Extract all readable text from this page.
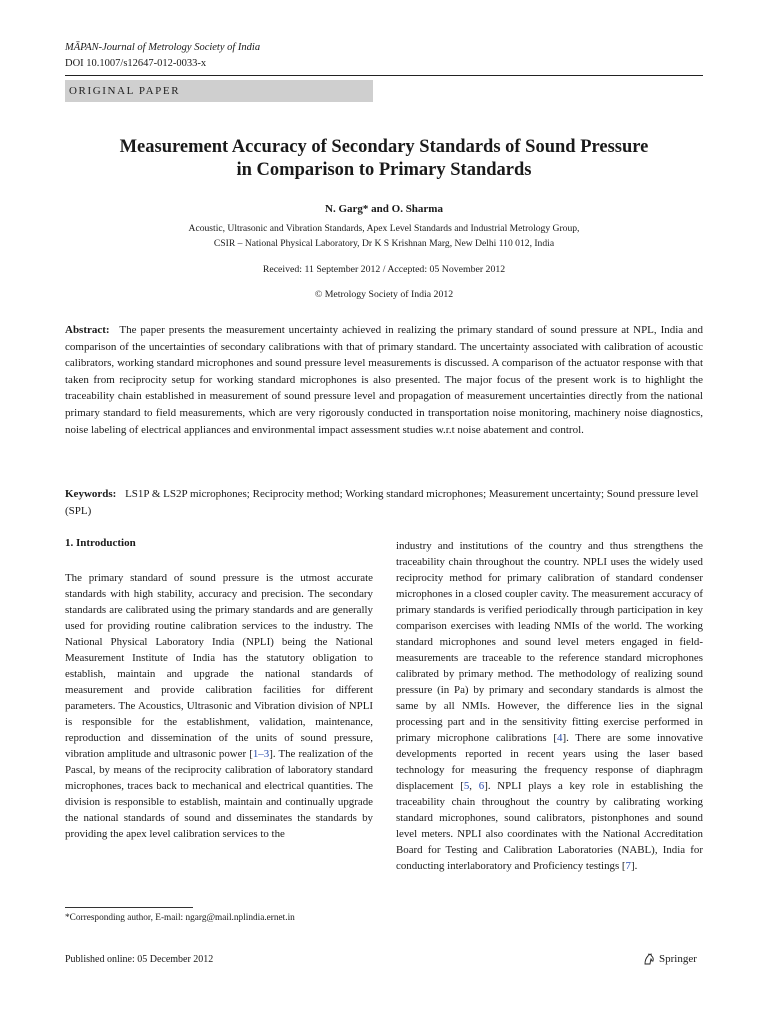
MĀPAN-Journal of Metrology Society of India
DOI 10.1007/s12647-012-0033-x
ORIGINAL PAPER
Measurement Accuracy of Secondary Standards of Sound Pressure
in Comparison to Primary Standards
N. Garg* and O. Sharma
Acoustic, Ultrasonic and Vibration Standards, Apex Level Standards and Industrial Metrology Group,
CSIR – National Physical Laboratory, Dr K S Krishnan Marg, New Delhi 110 012, India
Received: 11 September 2012 / Accepted: 05 November 2012
© Metrology Society of India 2012
Abstract: The paper presents the measurement uncertainty achieved in realizing the primary standard of sound pressure at NPL, India and comparison of the uncertainties of secondary calibrations with that of primary standard. The uncertainty associated with calibration of acoustic calibrators, working standard microphones and sound pressure level measurements is discussed. A comparison of the actuator response with that taken from reciprocity setup for working standard microphones is also presented. The major focus of the present work is to highlight the traceability chain established in measurement of sound pressure level and propagation of measurement uncertainties directly from the national primary standard to field measurements, which are very rigorously conducted in transportation noise monitoring, machinery noise diagnostics, noise labeling of electrical appliances and environmental impact assessment studies w.r.t noise abatement and control.
Keywords: LS1P & LS2P microphones; Reciprocity method; Working standard microphones; Measurement uncertainty; Sound pressure level (SPL)
1. Introduction
The primary standard of sound pressure is the utmost accurate standards with high stability, accuracy and precision. The secondary standards are calibrated using the primary standards and are generally used for providing routine calibration services to the industry. The National Physical Laboratory India (NPLI) being the National Measurement Institute of India has the statutory obligation to establish, maintain and upgrade the national standards of measurement and provide calibration facilities for different parameters. The Acoustics, Ultrasonic and Vibration division of NPLI is responsible for the establishment, validation, maintenance, reproduction and dissemination of the units of sound pressure, vibration amplitude and ultrasonic power [1–3]. The realization of the Pascal, by means of the reciprocity calibration of laboratory standard microphones, traces back to mechanical and electrical quantities. The division is responsible to establish, maintain and continually upgrade the national standards of sound and disseminates the standards by providing the apex level calibration services to the
industry and institutions of the country and thus strengthens the traceability chain throughout the country. NPLI uses the widely used reciprocity method for primary calibration of standard condenser microphones in a closed coupler cavity. The measurement accuracy of primary standards is verified periodically through participation in key comparison exercises with leading NMIs of the world. The working standard microphones and sound level meters engaged in field-measurements are traceable to the reference standard microphones calibrated by primary method. The methodology of realizing sound pressure (in Pa) by primary and secondary standards is almost the same by all NMIs. However, the difference lies in the signal processing part and in the sensitivity fitting exercise performed in primary microphone calibrations [4]. There are some innovative developments reported in recent years using the laser based technology for measuring the frequency response of diaphragm displacement [5, 6]. NPLI plays a key role in establishing the traceability chain throughout the country by calibrating working standard microphones, sound calibrators, pistonphones and sound level meters. NPLI also coordinates with the National Accreditation Board for Testing and Calibration Laboratories (NABL), India for conducting interlaboratory and Proficiency testings [7].
*Corresponding author, E-mail: ngarg@mail.nplindia.ernet.in
Published online: 05 December 2012	Springer
